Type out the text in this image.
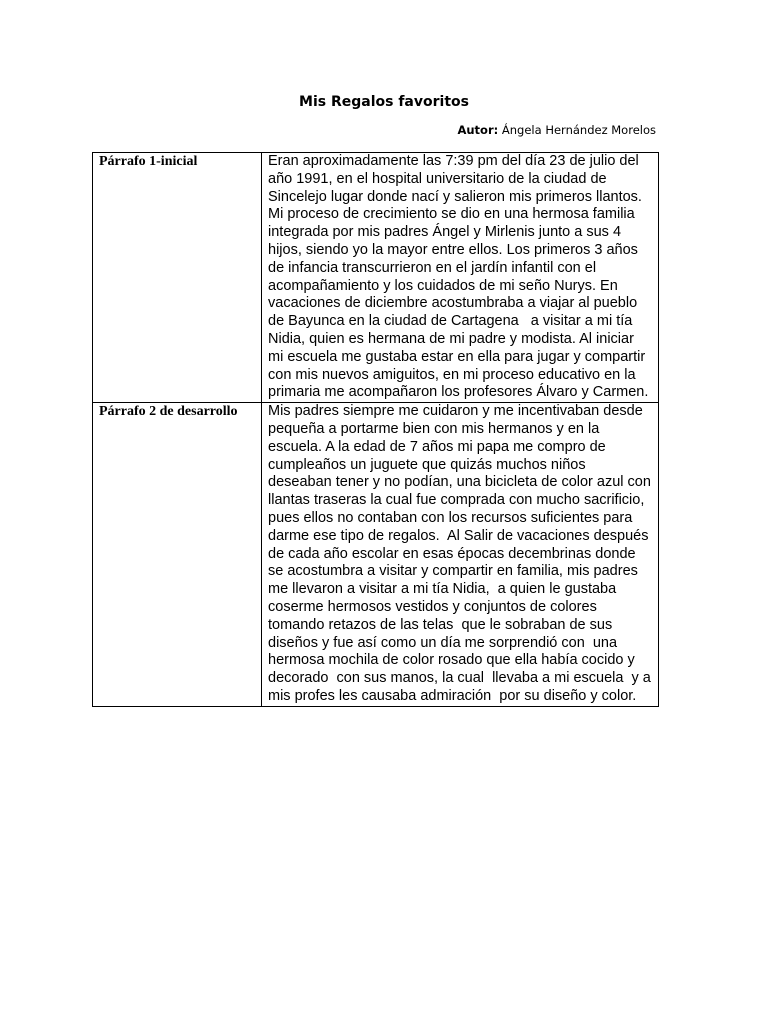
Mis Regalos favoritos
Autor: Ángela Hernández Morelos
Párrafo 1-inicial	Eran aproximadamente las 7:39 pm del día 23 de julio del año 1991, en el hospital universitario de la ciudad de Sincelejo lugar donde nací y salieron mis primeros llantos. Mi proceso de crecimiento se dio en una hermosa familia integrada por mis padres Ángel y Mirlenis junto a sus 4 hijos, siendo yo la mayor entre ellos. Los primeros 3 años de infancia transcurrieron en el jardín infantil con el acompañamiento y los cuidados de mi seño Nurys. En vacaciones de diciembre acostumbraba a viajar al pueblo de Bayunca en la ciudad de Cartagena   a visitar a mi tía Nidia, quien es hermana de mi padre y modista. Al iniciar mi escuela me gustaba estar en ella para jugar y compartir con mis nuevos amiguitos, en mi proceso educativo en la primaria me acompañaron los profesores Álvaro y Carmen.
Párrafo 2 de desarrollo	Mis padres siempre me cuidaron y me incentivaban desde pequeña a portarme bien con mis hermanos y en la escuela. A la edad de 7 años mi papa me compro de cumpleaños un juguete que quizás muchos niños deseaban tener y no podían, una bicicleta de color azul con llantas traseras la cual fue comprada con mucho sacrificio, pues ellos no contaban con los recursos suficientes para darme ese tipo de regalos.  Al Salir de vacaciones después de cada año escolar en esas épocas decembrinas donde se acostumbra a visitar y compartir en familia, mis padres me llevaron a visitar a mi tía Nidia,  a quien le gustaba  coserme hermosos vestidos y conjuntos de colores tomando retazos de las telas  que le sobraban de sus diseños y fue así como un día me sorprendió con  una hermosa mochila de color rosado que ella había cocido y decorado  con sus manos, la cual  llevaba a mi escuela  y a mis profes les causaba admiración  por su diseño y color.
